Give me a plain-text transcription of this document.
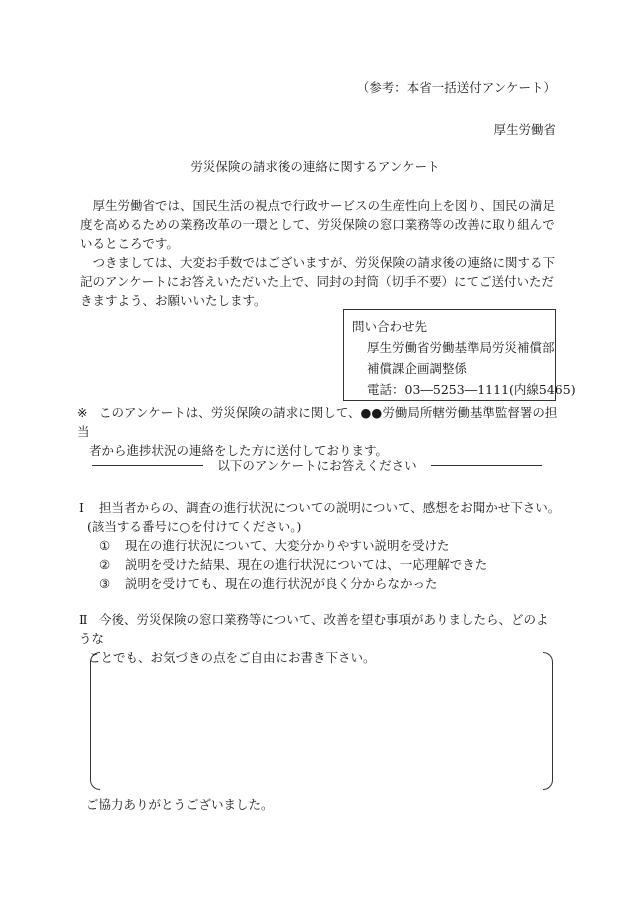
（参考：本省一括送付アンケート）
厚生労働省
労災保険の請求後の連絡に関するアンケート

厚生労働省では、国民生活の視点で行政サービスの生産性向上を図り、国民の満足度を高めるための業務改革の一環として、労災保険の窓口業務等の改善に取り組んでいるところです。

つきましては、大変お手数ではございますが、労災保険の請求後の連絡に関する下記のアンケートにお答えいただいた上で、同封の封筒（切手不要）にてご送付いただきますよう、お願いいたします。

問い合わせ先
厚生労働省労働基準局労災補償部
補償課企画調整係
電話：03―5253―1111(内線5465)
※ このアンケートは、労災保険の請求に関して、●●労働局所轄労働基準監督署の担当
者から進捗状況の連絡をした方に送付しております。
以下のアンケートにお答えください
Ⅰ 担当者からの、調査の進行状況についての説明について、感想をお聞かせ下さい。
(該当する番号に○を付けてください。)
① 現在の進行状況について、大変分かりやすい説明を受けた
② 説明を受けた結果、現在の進行状況については、一応理解できた
③ 説明を受けても、現在の進行状況が良く分からなかった
Ⅱ 今後、労災保険の窓口業務等について、改善を望む事項がありましたら、どのような
ことでも、お気づきの点をご自由にお書き下さい。
ご協力ありがとうございました。
